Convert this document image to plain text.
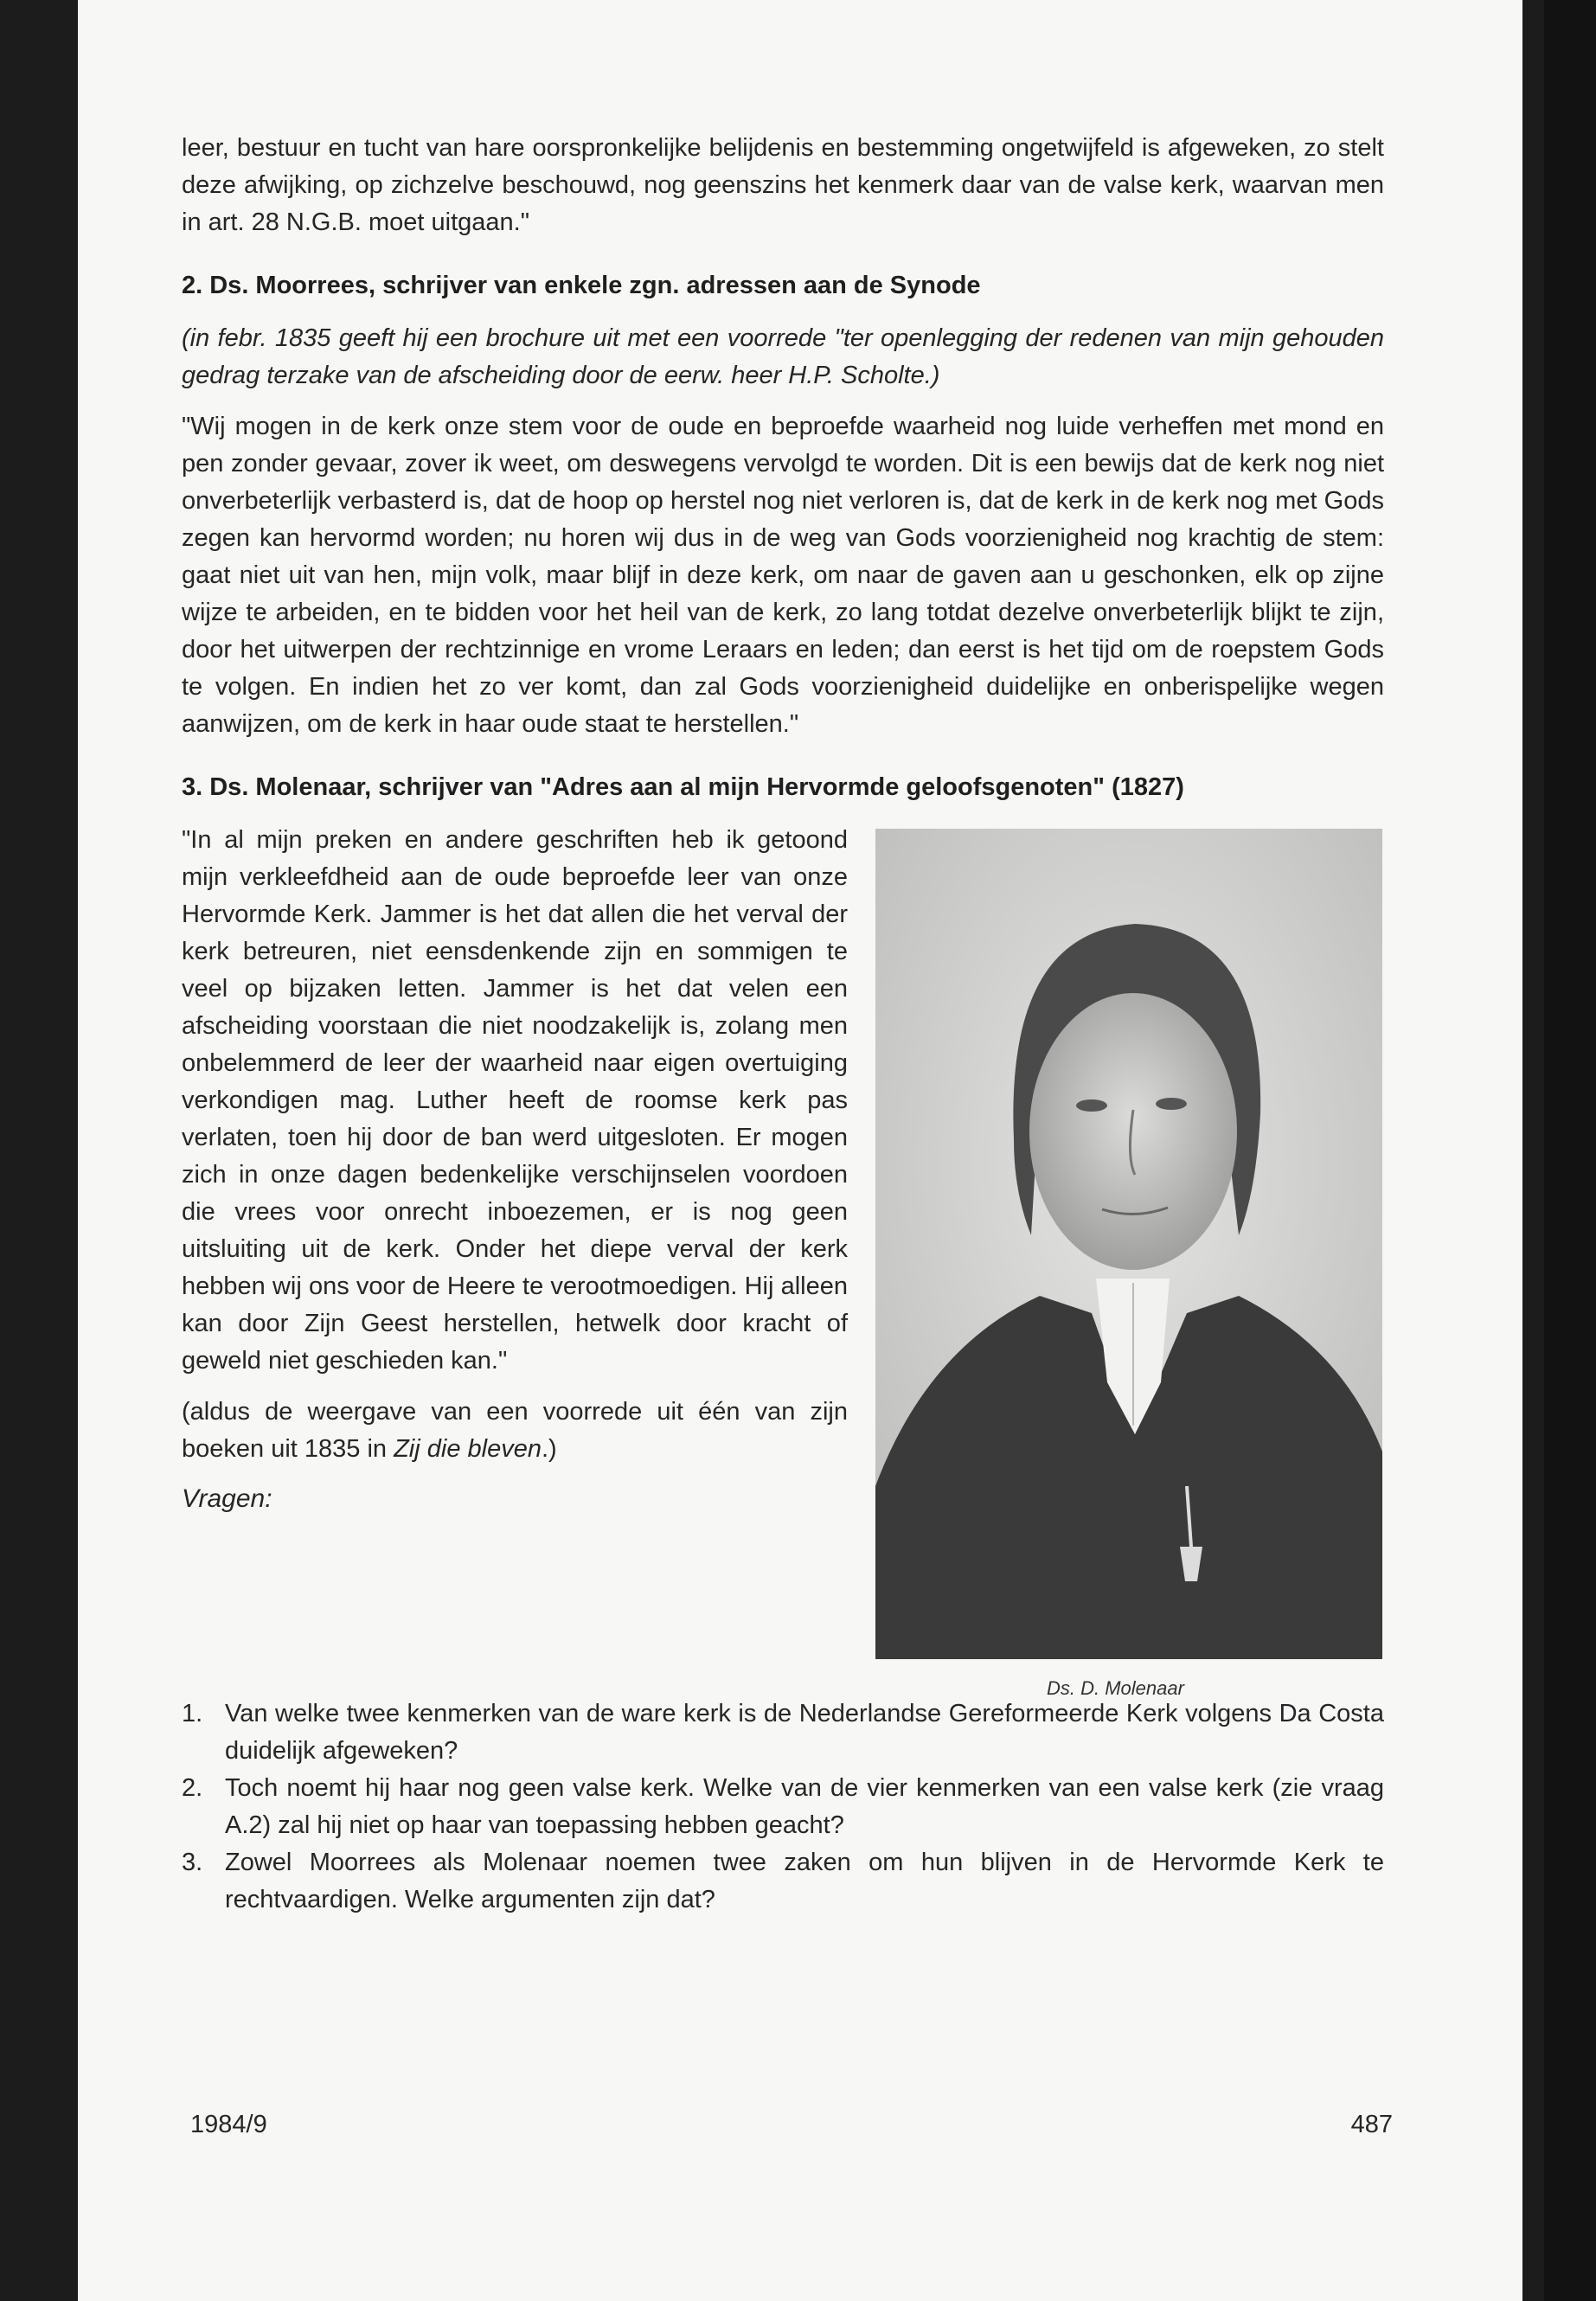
leer, bestuur en tucht van hare oorspronkelijke belijdenis en bestemming ongetwijfeld is afgeweken, zo stelt deze afwijking, op zichzelve beschouwd, nog geenszins het kenmerk daar van de valse kerk, waarvan men in art. 28 N.G.B. moet uitgaan."

2. Ds. Moorrees, schrijver van enkele zgn. adressen aan de Synode

(in febr. 1835 geeft hij een brochure uit met een voorrede "ter openlegging der redenen van mijn gehouden gedrag terzake van de afscheiding door de eerw. heer H.P. Scholte.)

"Wij mogen in de kerk onze stem voor de oude en beproefde waarheid nog luide verheffen met mond en pen zonder gevaar, zover ik weet, om deswegens vervolgd te worden. Dit is een bewijs dat de kerk nog niet onverbeterlijk verbasterd is, dat de hoop op herstel nog niet verloren is, dat de kerk in de kerk nog met Gods zegen kan hervormd worden; nu horen wij dus in de weg van Gods voorzienigheid nog krachtig de stem: gaat niet uit van hen, mijn volk, maar blijf in deze kerk, om naar de gaven aan u geschonken, elk op zijne wijze te arbeiden, en te bidden voor het heil van de kerk, zo lang totdat dezelve onverbeterlijk blijkt te zijn, door het uitwerpen der rechtzinnige en vrome Leraars en leden; dan eerst is het tijd om de roepstem Gods te volgen. En indien het zo ver komt, dan zal Gods voorzienigheid duidelijke en onberispelijke wegen aanwijzen, om de kerk in haar oude staat te herstellen."

3. Ds. Molenaar, schrijver van "Adres aan al mijn Hervormde geloofsgenoten" (1827)

"In al mijn preken en andere geschriften heb ik getoond mijn verkleefdheid aan de oude beproefde leer van onze Hervormde Kerk. Jammer is het dat allen die het verval der kerk betreuren, niet eensdenkende zijn en sommigen te veel op bijzaken letten. Jammer is het dat velen een afscheiding voorstaan die niet noodzakelijk is, zolang men onbelemmerd de leer der waarheid naar eigen overtuiging verkondigen mag. Luther heeft de roomse kerk pas verlaten, toen hij door de ban werd uitgesloten. Er mogen zich in onze dagen bedenkelijke verschijnselen voordoen die vrees voor onrecht inboezemen, er is nog geen uitsluiting uit de kerk. Onder het diepe verval der kerk hebben wij ons voor de Heere te verootmoedigen. Hij alleen kan door Zijn Geest herstellen, hetwelk door kracht of geweld niet geschieden kan."

(aldus de weergave van een voorrede uit één van zijn boeken uit 1835 in Zij die bleven.)

Vragen:
Ds. D. Molenaar
1. Van welke twee kenmerken van de ware kerk is de Nederlandse Gereformeerde Kerk volgens Da Costa duidelijk afgeweken?
2. Toch noemt hij haar nog geen valse kerk. Welke van de vier kenmerken van een valse kerk (zie vraag A.2) zal hij niet op haar van toepassing hebben geacht?
3. Zowel Moorrees als Molenaar noemen twee zaken om hun blijven in de Hervormde Kerk te rechtvaardigen. Welke argumenten zijn dat?
1984/9	487
